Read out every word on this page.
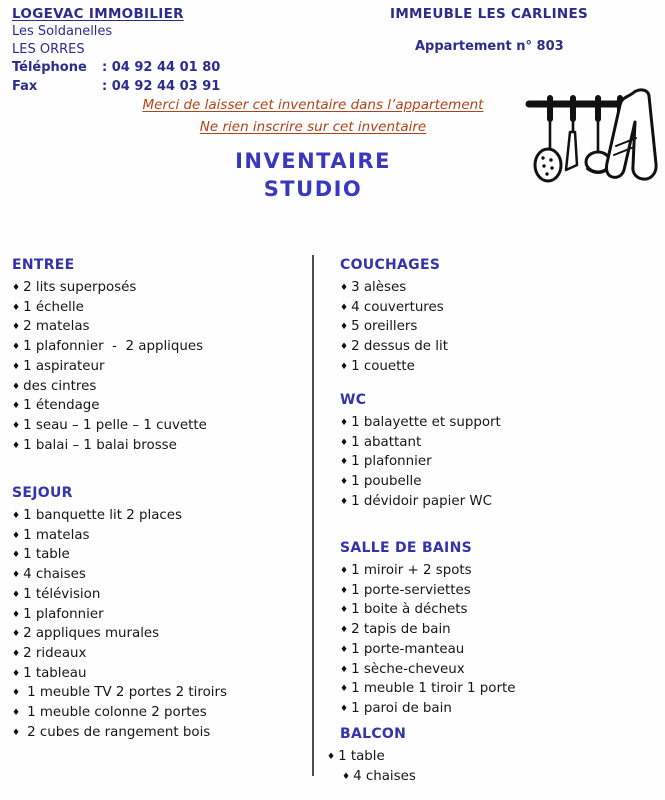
LOGEVAC IMMOBILIER
Les Soldanelles
LES ORRES
Téléphone : 04 92 44 01 80
Fax	: 04 92 44 03 91
IMMEUBLE LES CARLINES
Appartement n° 803
Merci de laisser cet inventaire dans l’appartement
Ne rien inscrire sur cet inventaire
INVENTAIRE
STUDIO
ENTREE
♦ 2 lits superposés
♦ 1 échelle
♦ 2 matelas
♦ 1 plafonnier  -  2 appliques
♦ 1 aspirateur
♦ des cintres
♦ 1 étendage
♦ 1 seau – 1 pelle – 1 cuvette
♦ 1 balai – 1 balai brosse
SEJOUR
♦ 1 banquette lit 2 places
♦ 1 matelas
♦ 1 table
♦ 4 chaises
♦ 1 télévision
♦ 1 plafonnier
♦ 2 appliques murales
♦ 2 rideaux
♦ 1 tableau
♦ 1 meuble TV 2 portes 2 tiroirs
♦ 1 meuble colonne 2 portes
♦ 2 cubes de rangement bois
COUCHAGES
♦ 3 alèses
♦ 4 couvertures
♦ 5 oreillers
♦ 2 dessus de lit
♦ 1 couette
WC
♦ 1 balayette et support
♦ 1 abattant
♦ 1 plafonnier
♦ 1 poubelle
♦ 1 dévidoir papier WC
SALLE DE BAINS
♦ 1 miroir + 2 spots
♦ 1 porte-serviettes
♦ 1 boite à déchets
♦ 2 tapis de bain
♦ 1 porte-manteau
♦ 1 sèche-cheveux
♦ 1 meuble 1 tiroir 1 porte
♦ 1 paroi de bain
BALCON
♦ 1 table
♦ 4 chaises
